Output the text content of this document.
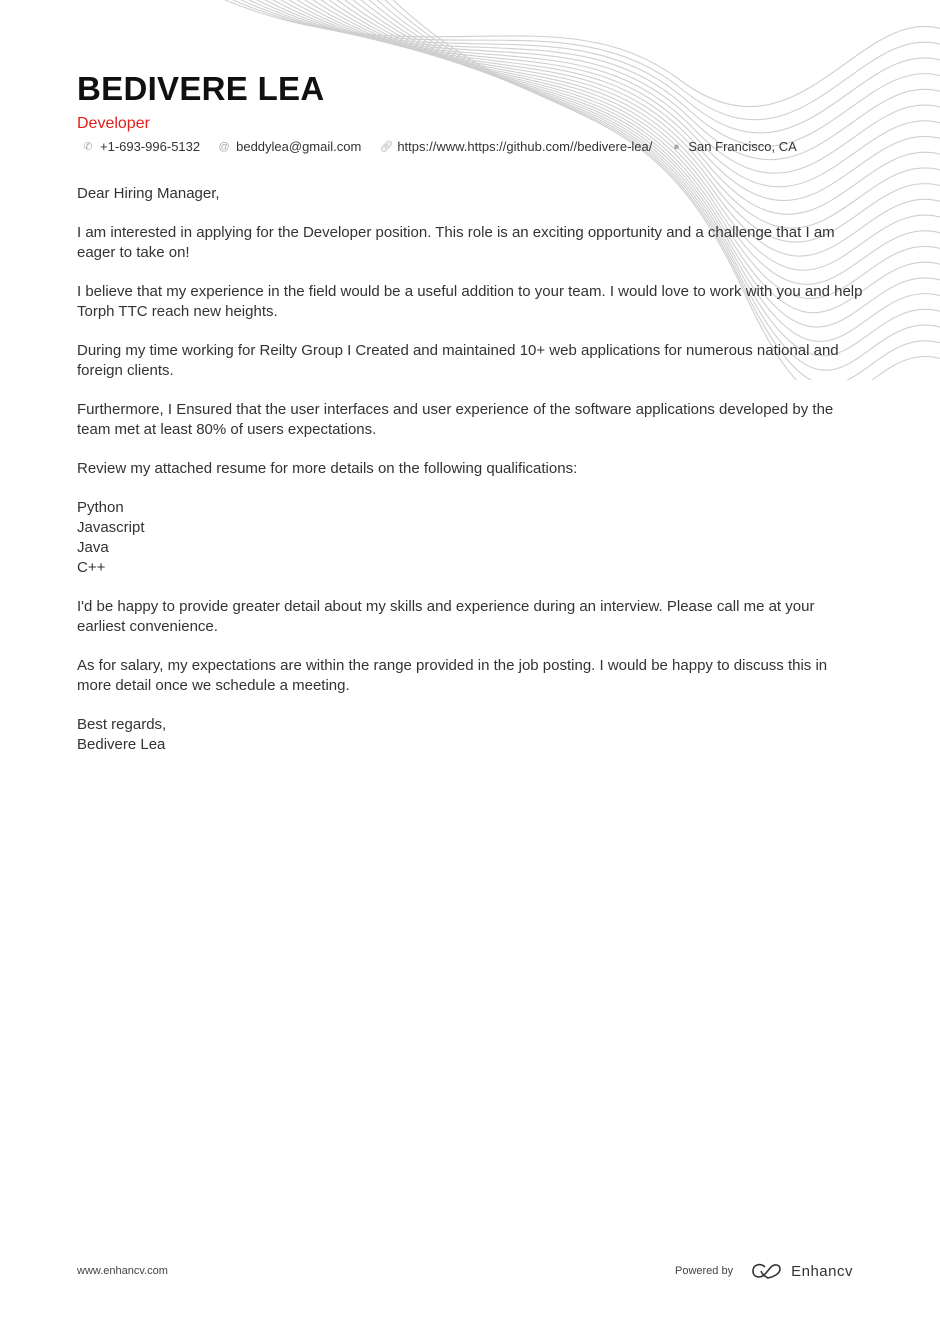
BEDIVERE LEA
Developer
✆ +1-693-996-5132 @ beddylea@gmail.com 🔗︎ https://www.https://github.com//bedivere-lea/ ● San Francisco, CA

Dear Hiring Manager,

I am interested in applying for the Developer position. This role is an exciting opportunity and a challenge that I am eager to take on!

I believe that my experience in the field would be a useful addition to your team. I would love to work with you and help Torph TTC reach new heights.

During my time working for Reilty Group I Created and maintained 10+ web applications for numerous national and foreign clients.

Furthermore, I Ensured that the user interfaces and user experience of the software applications developed by the team met at least 80% of users expectations.

Review my attached resume for more details on the following qualifications:

Python
Javascript
Java
C++

I'd be happy to provide greater detail about my skills and experience during an interview. Please call me at your earliest convenience.

As for salary, my expectations are within the range provided in the job posting. I would be happy to discuss this in more detail once we schedule a meeting.

Best regards,
Bedivere Lea

www.enhancv.com	Powered by	Enhancv
